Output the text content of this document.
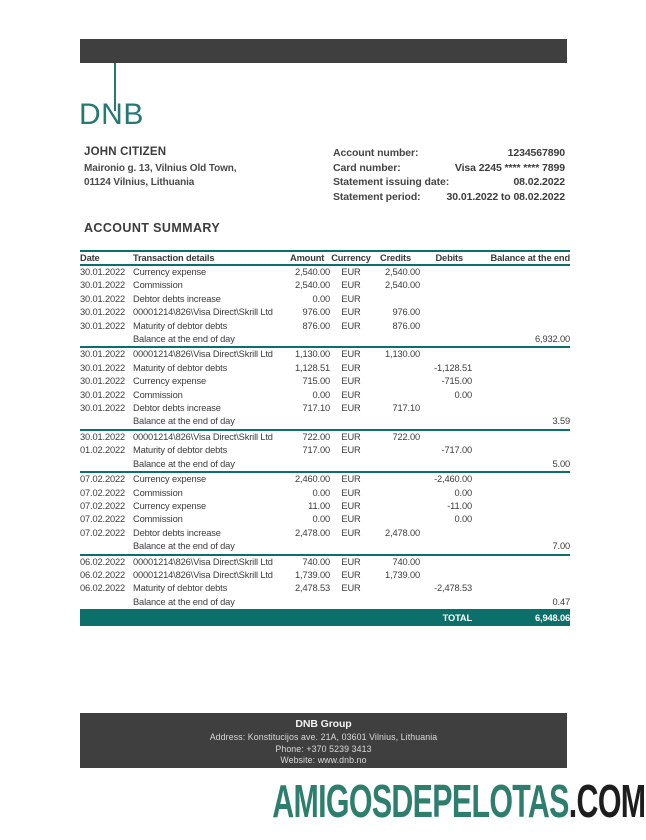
DNB
JOHN CITIZEN
Maironio g. 13, Vilnius Old Town,
01124 Vilnius, Lithuania
Account number:	1234567890
Card number:	Visa 2245 **** **** 7899
Statement issuing date:	08.02.2022
Statement period: 30.01.2022 to 08.02.2022
ACCOUNT SUMMARY
Date	Transaction details	Amount	Currency	Credits	Debits	Balance at the end
30.01.2022	Currency expense	2,540.00	EUR	2,540.00		
30.01.2022	Commission	2,540.00	EUR	2,540.00		
30.01.2022	Debtor debts increase	0.00	EUR			
30.01.2022	00001214\826\Visa Direct\Skrill Ltd	976.00	EUR	976.00		
30.01.2022	Maturity of debtor debts	876.00	EUR	876.00		
	Balance at the end of day					6,932.00
30.01.2022	00001214\826\Visa Direct\Skrill Ltd	1,130.00	EUR	1,130.00		
30.01.2022	Maturity of debtor debts	1,128.51	EUR		-1,128.51	
30.01.2022	Currency expense	715.00	EUR		-715.00	
30.01.2022	Commission	0.00	EUR		0.00	
30.01.2022	Debtor debts increase	717.10	EUR	717.10		
	Balance at the end of day					3.59
30.01.2022	00001214\826\Visa Direct\Skrill Ltd	722.00	EUR	722.00		
01.02.2022	Maturity of debtor debts	717.00	EUR		-717.00	
	Balance at the end of day					5.00
07.02.2022	Currency expense	2,460.00	EUR		-2,460.00	
07.02.2022	Commission	0.00	EUR		0.00	
07.02.2022	Currency expense	11.00	EUR		-11.00	
07.02.2022	Commission	0.00	EUR		0.00	
07.02.2022	Debtor debts increase	2,478.00	EUR	2,478.00		
	Balance at the end of day					7.00
06.02.2022	00001214\826\Visa Direct\Skrill Ltd	740.00	EUR	740.00		
06.02.2022	00001214\826\Visa Direct\Skrill Ltd	1,739.00	EUR	1,739.00		
06.02.2022	Maturity of debtor debts	2,478.53	EUR		-2,478.53	
	Balance at the end of day					0.47
					TOTAL	6,948.06
DNB Group
Address: Konstitucijos ave. 21A, 03601 Vilnius, Lithuania
Phone: +370 5239 3413
Website: www.dnb.no
AMIGOSDEPELOTAS.COM
